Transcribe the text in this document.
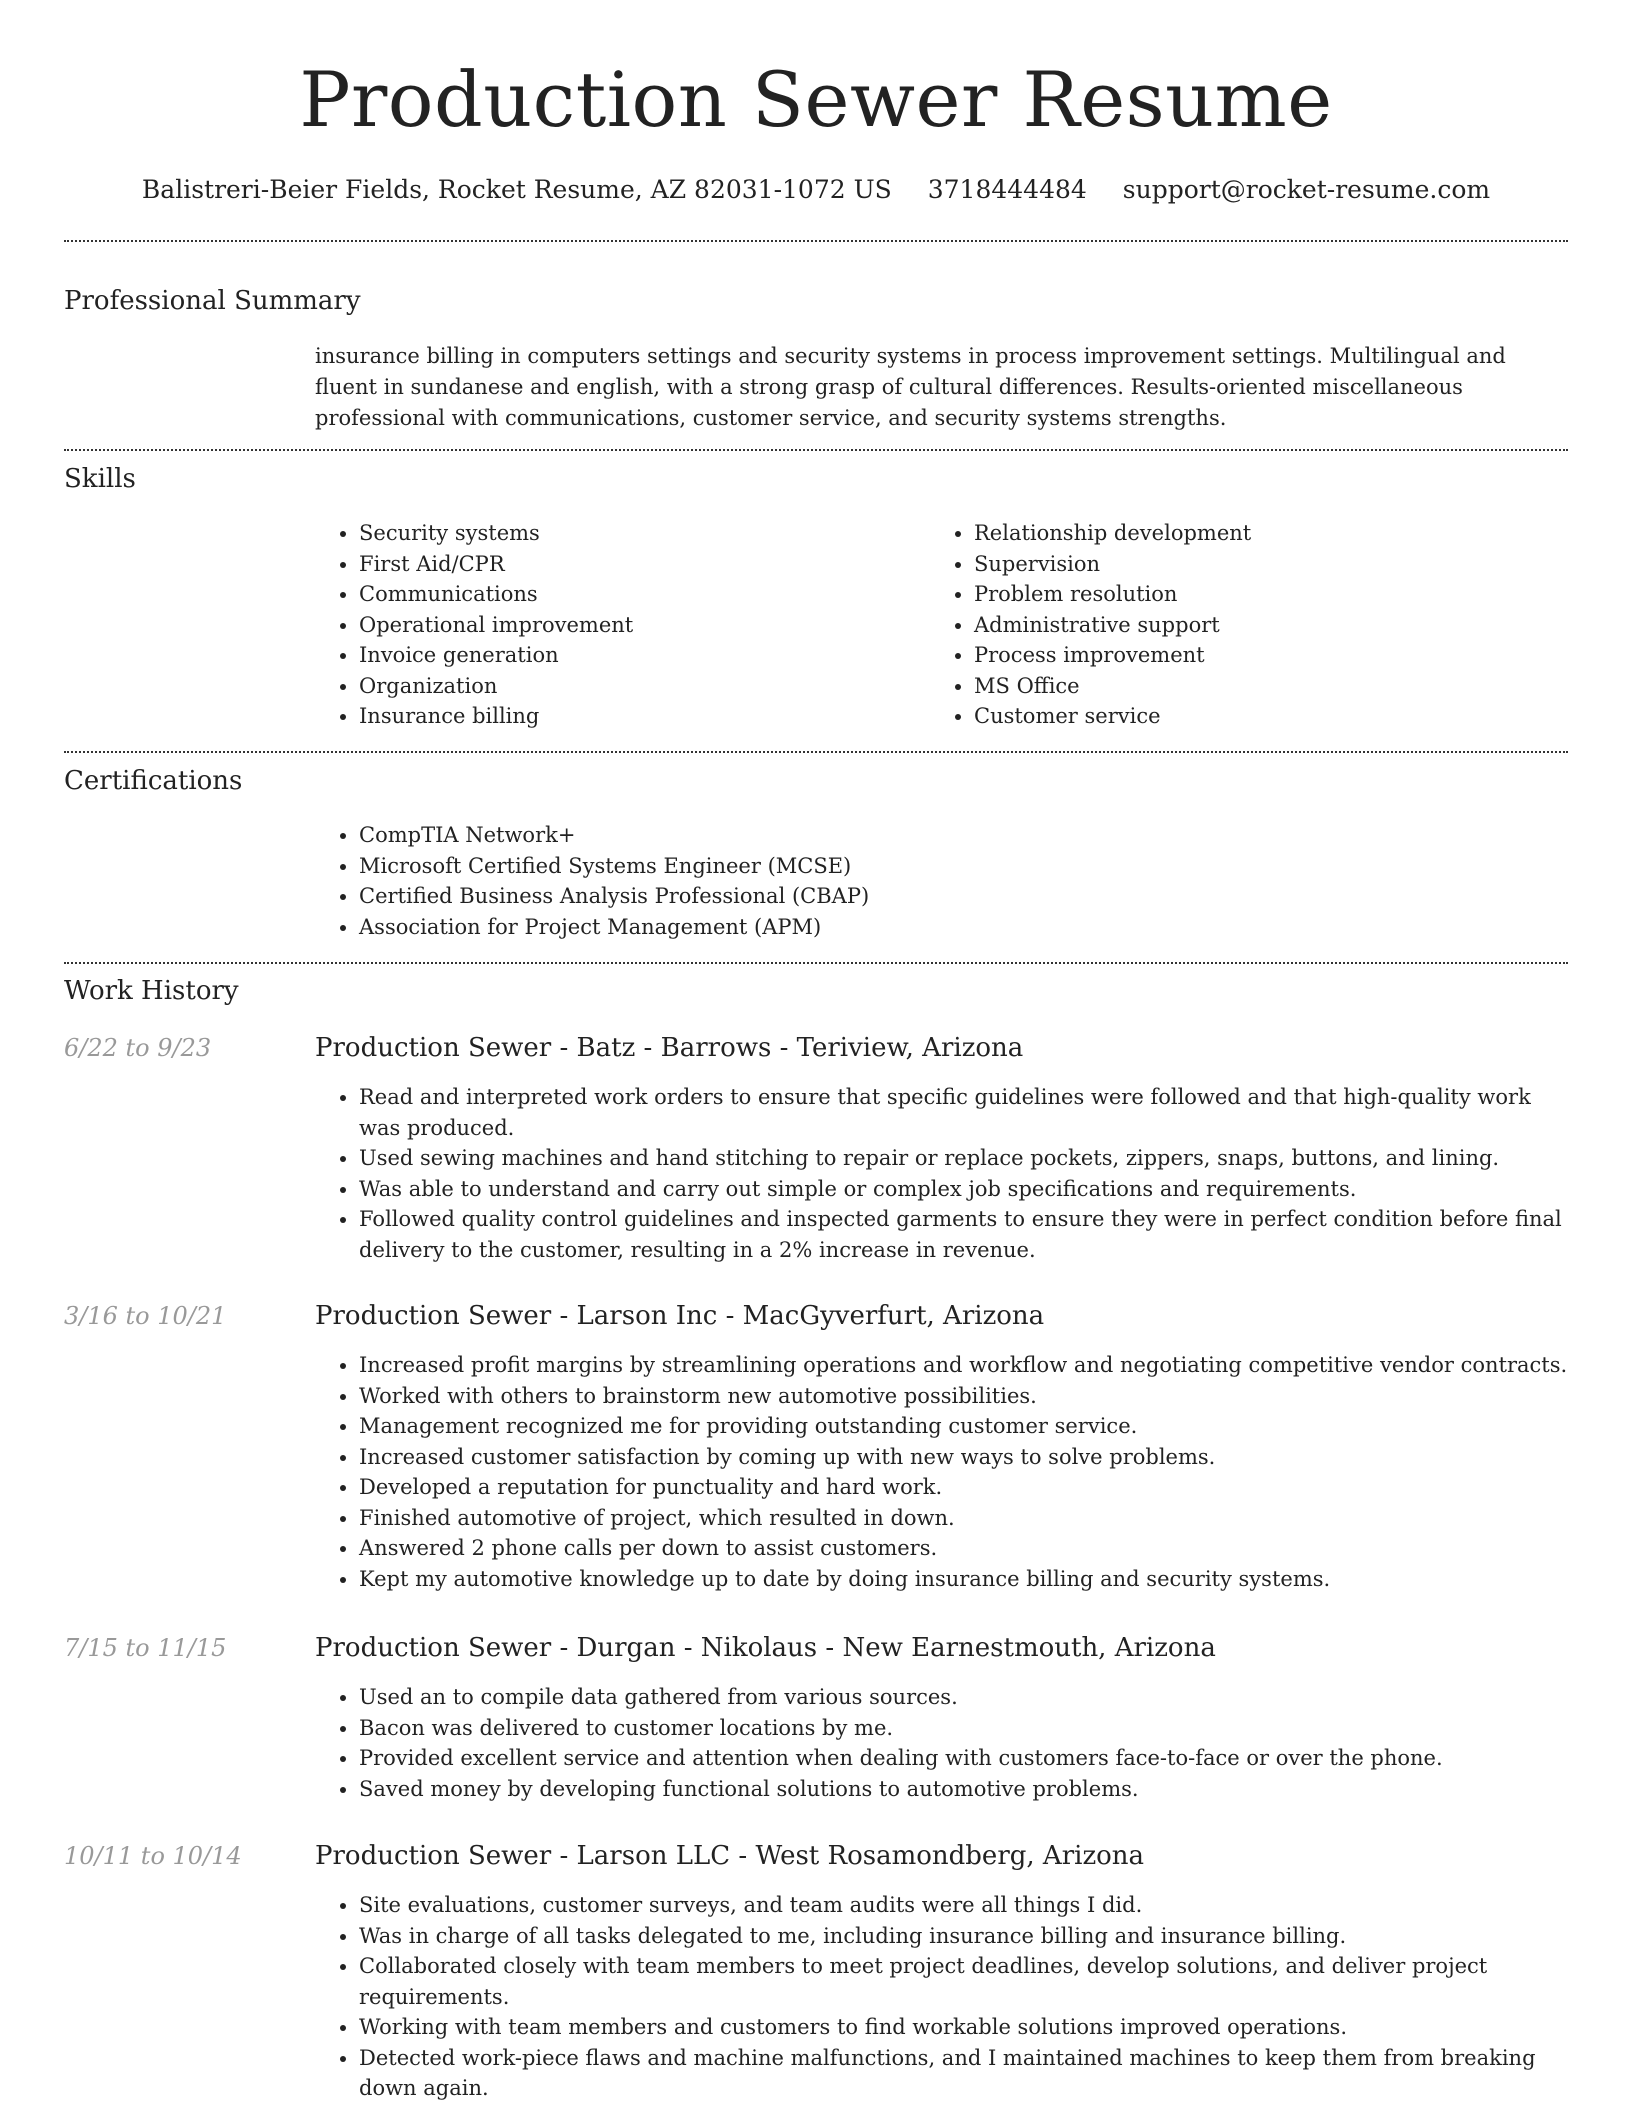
Production Sewer Resume
Balistreri-Beier Fields, Rocket Resume, AZ 82031-1072 US 3718444484 support@rocket-resume.com
Professional Summary
insurance billing in computers settings and security systems in process improvement settings. Multilingual and fluent in sundanese and english, with a strong grasp of cultural differences. Results-oriented miscellaneous professional with communications, customer service, and security systems strengths.
Skills
• Security systems
• First Aid/CPR
• Communications
• Operational improvement
• Invoice generation
• Organization
• Insurance billing
• Relationship development
• Supervision
• Problem resolution
• Administrative support
• Process improvement
• MS Office
• Customer service
Certifications
• CompTIA Network+
• Microsoft Certified Systems Engineer (MCSE)
• Certified Business Analysis Professional (CBAP)
• Association for Project Management (APM)
Work History
6/22 to 9/23	Production Sewer - Batz - Barrows - Teriview, Arizona
• Read and interpreted work orders to ensure that specific guidelines were followed and that high-quality work was produced.
• Used sewing machines and hand stitching to repair or replace pockets, zippers, snaps, buttons, and lining.
• Was able to understand and carry out simple or complex job specifications and requirements.
• Followed quality control guidelines and inspected garments to ensure they were in perfect condition before final delivery to the customer, resulting in a 2% increase in revenue.
3/16 to 10/21	Production Sewer - Larson Inc - MacGyverfurt, Arizona
• Increased profit margins by streamlining operations and workflow and negotiating competitive vendor contracts.
• Worked with others to brainstorm new automotive possibilities.
• Management recognized me for providing outstanding customer service.
• Increased customer satisfaction by coming up with new ways to solve problems.
• Developed a reputation for punctuality and hard work.
• Finished automotive of project, which resulted in down.
• Answered 2 phone calls per down to assist customers.
• Kept my automotive knowledge up to date by doing insurance billing and security systems.
7/15 to 11/15	Production Sewer - Durgan - Nikolaus - New Earnestmouth, Arizona
• Used an to compile data gathered from various sources.
• Bacon was delivered to customer locations by me.
• Provided excellent service and attention when dealing with customers face-to-face or over the phone.
• Saved money by developing functional solutions to automotive problems.
10/11 to 10/14	Production Sewer - Larson LLC - West Rosamondberg, Arizona
• Site evaluations, customer surveys, and team audits were all things I did.
• Was in charge of all tasks delegated to me, including insurance billing and insurance billing.
• Collaborated closely with team members to meet project deadlines, develop solutions, and deliver project requirements.
• Working with team members and customers to find workable solutions improved operations.
• Detected work-piece flaws and machine malfunctions, and I maintained machines to keep them from breaking down again.
